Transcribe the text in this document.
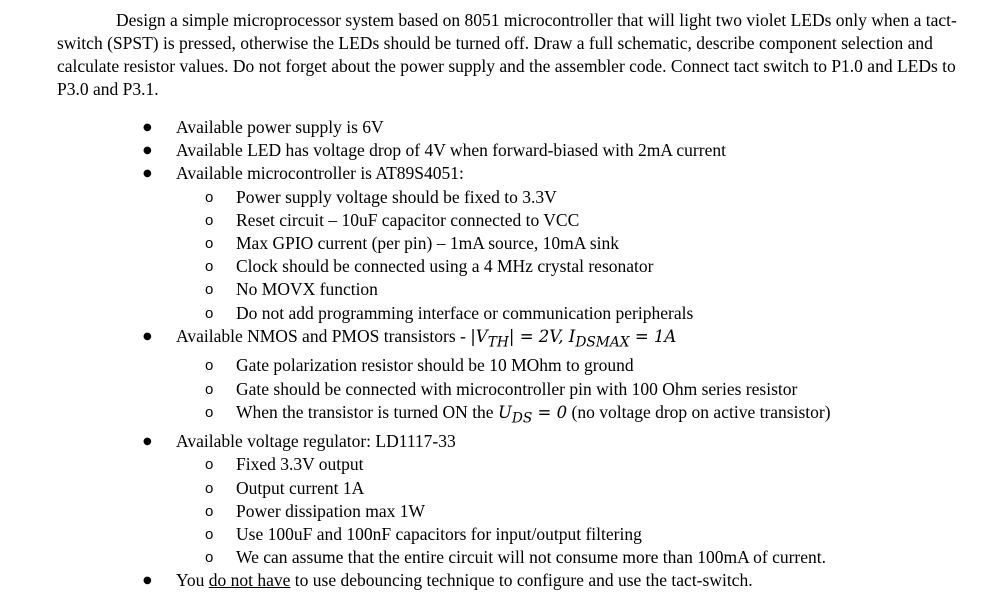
Design a simple microprocessor system based on 8051 microcontroller that will light two violet LEDs only when a tact-switch (SPST) is pressed, otherwise the LEDs should be turned off. Draw a full schematic, describe component selection and calculate resistor values. Do not forget about the power supply and the assembler code. Connect tact switch to P1.0 and LEDs to P3.0 and P3.1.

● Available power supply is 6V
● Available LED has voltage drop of 4V when forward-biased with 2mA current
● Available microcontroller is AT89S4051:
o Power supply voltage should be fixed to 3.3V
o Reset circuit – 10uF capacitor connected to VCC
o Max GPIO current (per pin) – 1mA source, 10mA sink
o Clock should be connected using a 4 MHz crystal resonator
o No MOVX function
o Do not add programming interface or communication peripherals
● Available NMOS and PMOS transistors - $|V_{TH}| = 2V$, $I_{DSMAX} = 1A$
o Gate polarization resistor should be 10 MOhm to ground
o Gate should be connected with microcontroller pin with 100 Ohm series resistor
o When the transistor is turned ON the $U_{DS} = 0$ (no voltage drop on active transistor)
● Available voltage regulator: LD1117-33
o Fixed 3.3V output
o Output current 1A
o Power dissipation max 1W
o Use 100uF and 100nF capacitors for input/output filtering
o We can assume that the entire circuit will not consume more than 100mA of current.
● You do not have to use debouncing technique to configure and use the tact-switch.
